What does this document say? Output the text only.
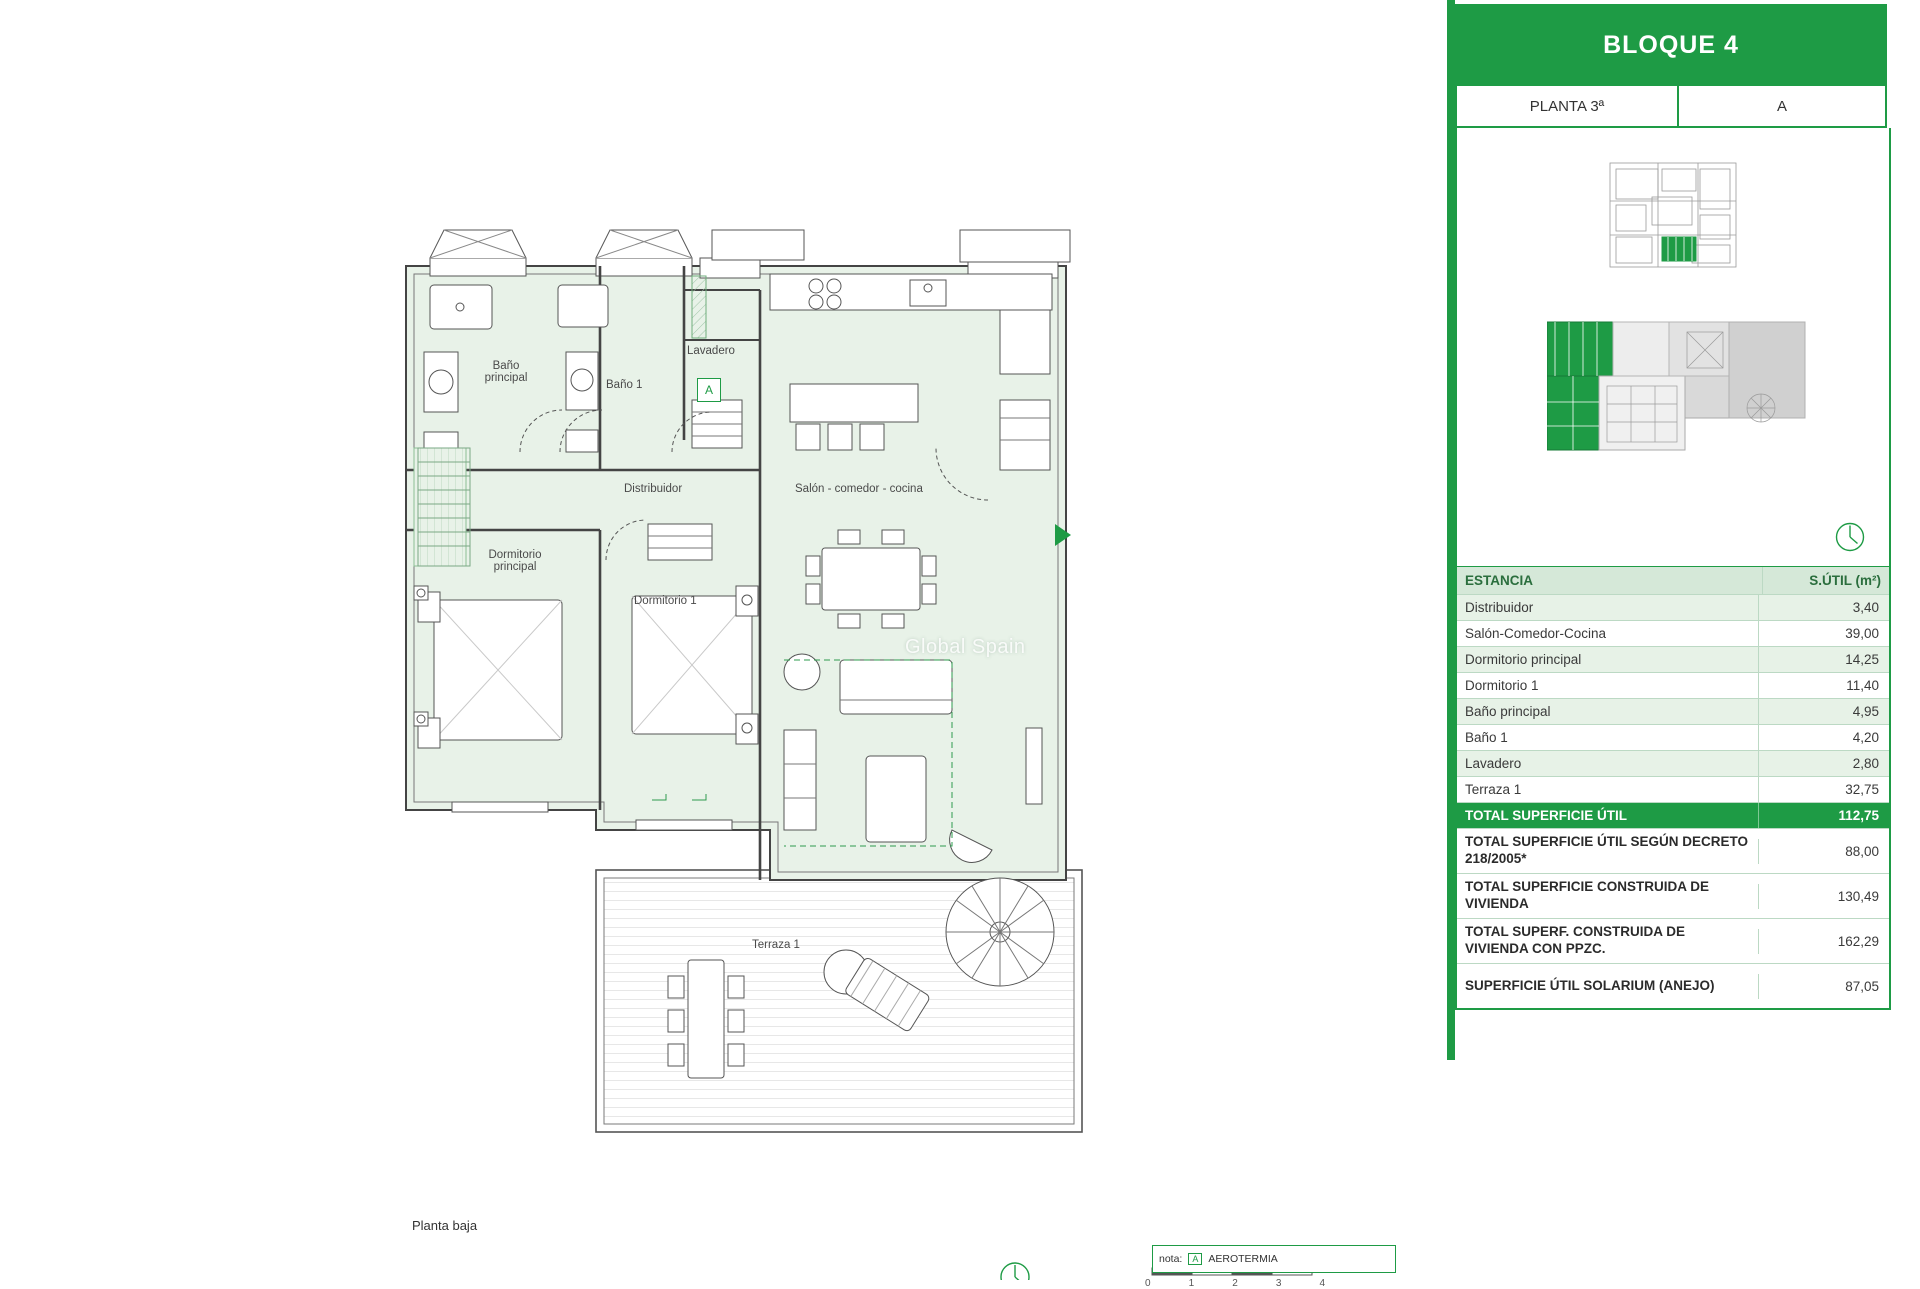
A
Baño
principal
Baño 1
Lavadero
Distribuidor	Salón - comedor - cocina
Dormitorio
principal
Dormitorio 1
Terraza 1
Global Spain
Planta baja
nota:	A AEROTERMIA
0	1	2	3	4
BLOQUE 4
PLANTA 3ª	A
ESTANCIA	S.ÚTIL (m²)
Distribuidor	3,40
Salón-Comedor-Cocina	39,00
Dormitorio principal	14,25
Dormitorio 1	11,40
Baño principal	4,95
Baño 1	4,20
Lavadero	2,80
Terraza 1	32,75
TOTAL SUPERFICIE ÚTIL	112,75
TOTAL SUPERFICIE ÚTIL SEGÚN DECRETO 218/2005*	88,00
TOTAL SUPERFICIE CONSTRUIDA DE VIVIENDA	130,49
TOTAL SUPERF. CONSTRUIDA DE VIVIENDA CON PPZC.	162,29
SUPERFICIE ÚTIL SOLARIUM (ANEJO)	87,05
